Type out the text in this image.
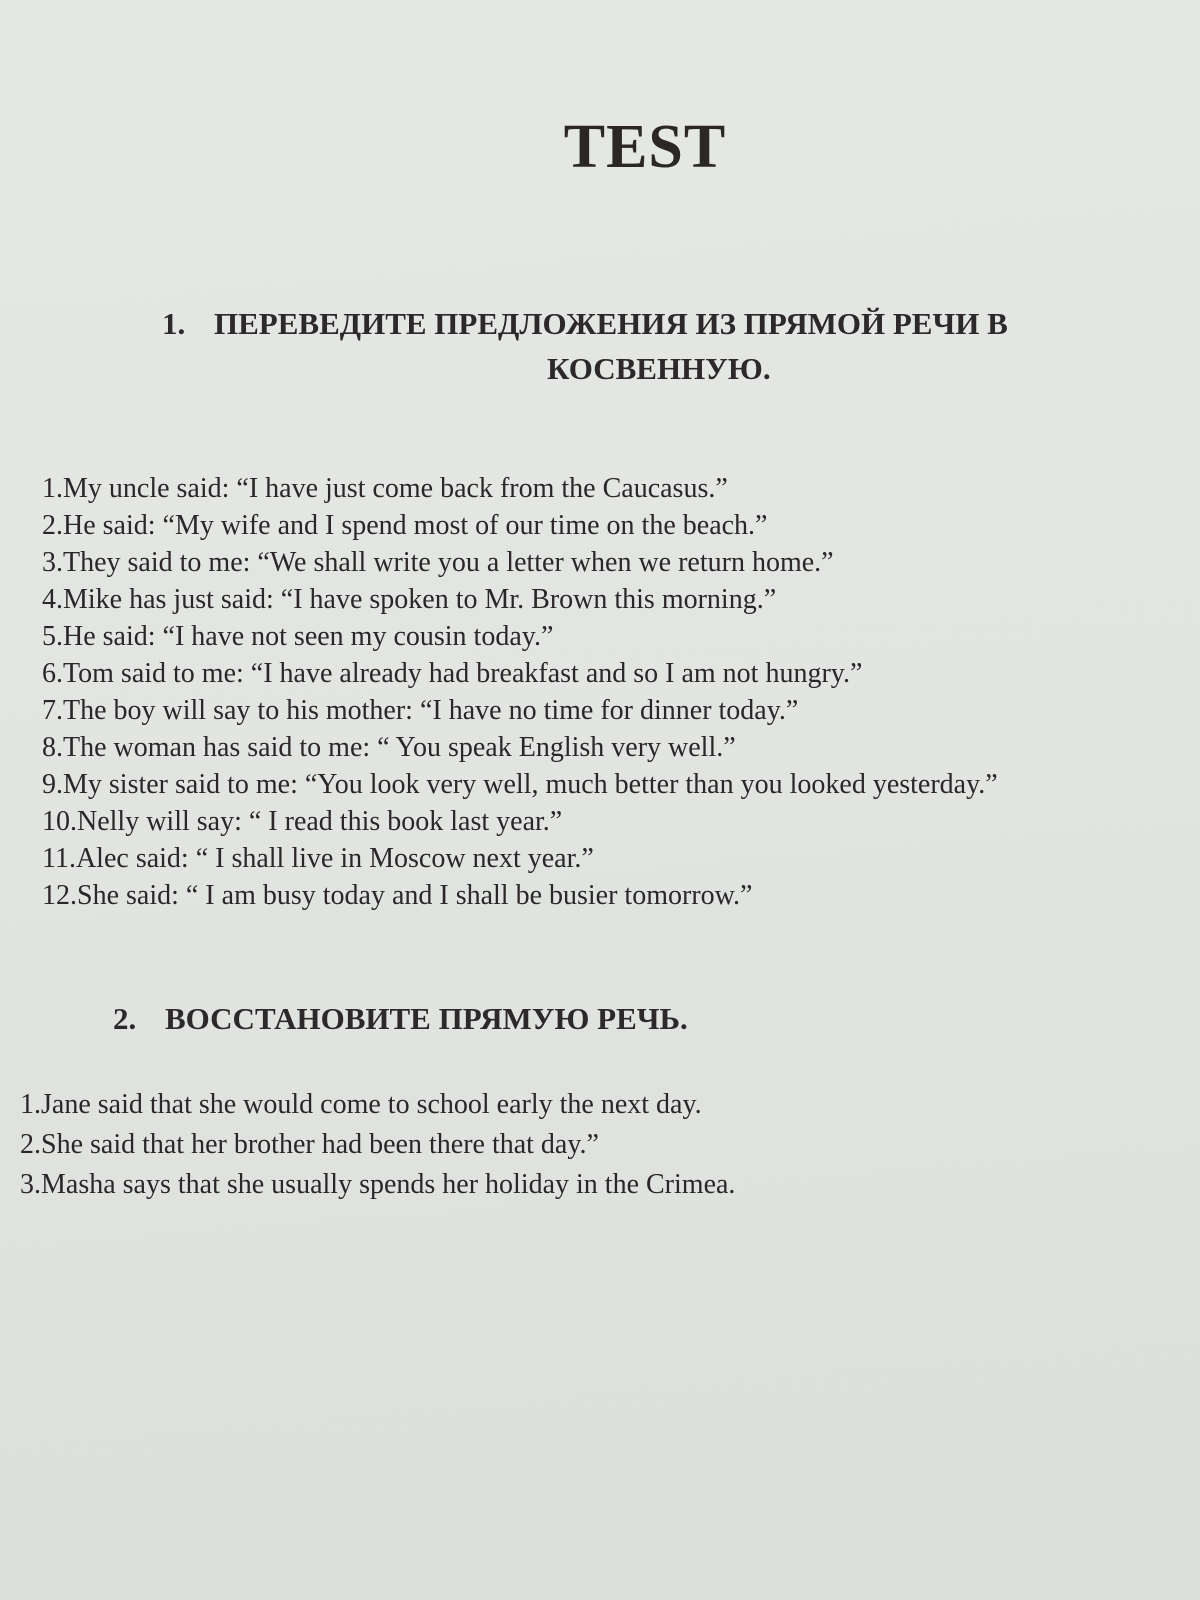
TEST
1. ПЕРЕВЕДИТЕ ПРЕДЛОЖЕНИЯ ИЗ ПРЯМОЙ РЕЧИ В
КОСВЕННУЮ.
1.My uncle said: “I have just come back from the Caucasus.”
2.He said: “My wife and I spend most of our time on the beach.”
3.They said to me: “We shall write you a letter when we return home.”
4.Mike has just said: “I have spoken to Mr. Brown this morning.”
5.He said: “I have not seen my cousin today.”
6.Tom said to me: “I have already had breakfast and so I am not hungry.”
7.The boy will say to his mother: “I have no time for dinner today.”
8.The woman has said to me: “ You speak English very well.”
9.My sister said to me: “You look very well, much better than you looked yesterday.”
10.Nelly will say: “ I read this book last year.”
11.Alec said: “ I shall live in Moscow next year.”
12.She said: “ I am busy today and I shall be busier tomorrow.”
2. ВОССТАНОВИТЕ ПРЯМУЮ РЕЧЬ.
1.Jane said that she would come to school early the next day.
2.She said that her brother had been there that day.”
3.Masha says that she usually spends her holiday in the Crimea.
